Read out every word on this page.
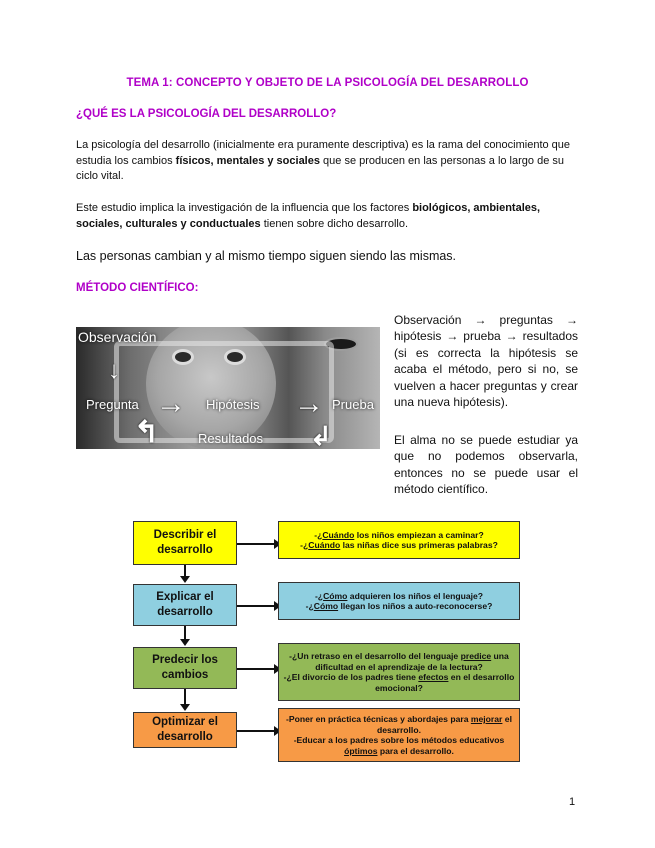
TEMA 1: CONCEPTO Y OBJETO DE LA PSICOLOGÍA DEL DESARROLLO
¿QUÉ ES LA PSICOLOGÍA DEL DESARROLLO?
La psicología del desarrollo (inicialmente era puramente descriptiva) es la rama del conocimiento que estudia los cambios físicos, mentales y sociales que se producen en las personas a lo largo de su ciclo vital.
Este estudio implica la investigación de la influencia que los factores biológicos, ambientales, sociales, culturales y conductuales tienen sobre dicho desarrollo.
Las personas cambian y al mismo tiempo siguen siendo las mismas.
MÉTODO CIENTÍFICO:
Observación
↓
Pregunta → Hipótesis → Prueba
↰	↲
Resultados
Observación → preguntas → hipótesis → prueba → resultados (si es correcta la hipótesis se acaba el método, pero si no, se vuelven a hacer preguntas y crear una nueva hipótesis).
El alma no se puede estudiar ya que no podemos observarla, entonces no se puede usar el método científico.
Describir el desarrollo
-¿Cuándo los niños empiezan a caminar?
-¿Cuándo las niñas dice sus primeras palabras?
Explicar el desarrollo
-¿Cómo adquieren los niños el lenguaje?
-¿Cómo llegan los niños a auto-reconocerse?
Predecir los cambios
-¿Un retraso en el desarrollo del lenguaje predice una dificultad en el aprendizaje de la lectura?
-¿El divorcio de los padres tiene efectos en el desarrollo emocional?
Optimizar el desarrollo
-Poner en práctica técnicas y abordajes para mejorar el desarrollo.
-Educar a los padres sobre los métodos educativos óptimos para el desarrollo.
1
